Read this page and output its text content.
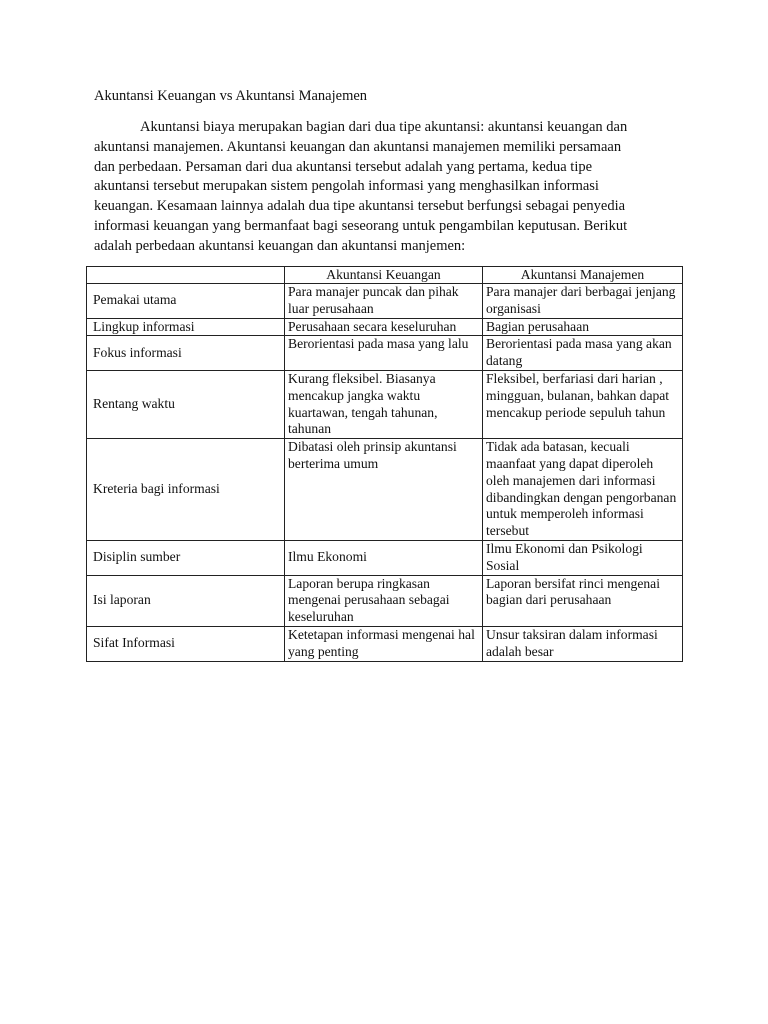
Akuntansi Keuangan vs Akuntansi Manajemen
Akuntansi biaya merupakan bagian dari dua tipe akuntansi: akuntansi keuangan dan
akuntansi manajemen. Akuntansi keuangan dan akuntansi manajemen memiliki persamaan
dan perbedaan. Persaman dari dua akuntansi tersebut adalah yang pertama, kedua tipe
akuntansi tersebut merupakan sistem pengolah informasi yang menghasilkan informasi
keuangan. Kesamaan lainnya adalah dua tipe akuntansi tersebut berfungsi sebagai penyedia
informasi keuangan yang bermanfaat bagi seseorang untuk pengambilan keputusan. Berikut
adalah perbedaan akuntansi keuangan dan akuntansi manjemen:
	Akuntansi Keuangan	Akuntansi Manajemen
Pemakai utama	Para manajer puncak dan pihak luar perusahaan	Para manajer dari berbagai jenjang organisasi
Lingkup informasi	Perusahaan secara keseluruhan	Bagian perusahaan
Fokus informasi	Berorientasi pada masa yang lalu	Berorientasi pada masa yang akan datang
Rentang waktu	Kurang fleksibel. Biasanya mencakup jangka waktu kuartawan, tengah tahunan, tahunan	Fleksibel, berfariasi dari harian , mingguan, bulanan, bahkan dapat mencakup periode sepuluh tahun
Kreteria bagi informasi	Dibatasi oleh prinsip akuntansi berterima umum	Tidak ada batasan, kecuali maanfaat yang dapat diperoleh oleh manajemen dari informasi dibandingkan dengan pengorbanan untuk memperoleh informasi tersebut
Disiplin sumber	Ilmu Ekonomi	Ilmu Ekonomi dan Psikologi Sosial
Isi laporan	Laporan berupa ringkasan mengenai perusahaan sebagai keseluruhan	Laporan bersifat rinci mengenai bagian dari perusahaan
Sifat Informasi	Ketetapan informasi mengenai hal yang penting	Unsur taksiran dalam informasi adalah besar
